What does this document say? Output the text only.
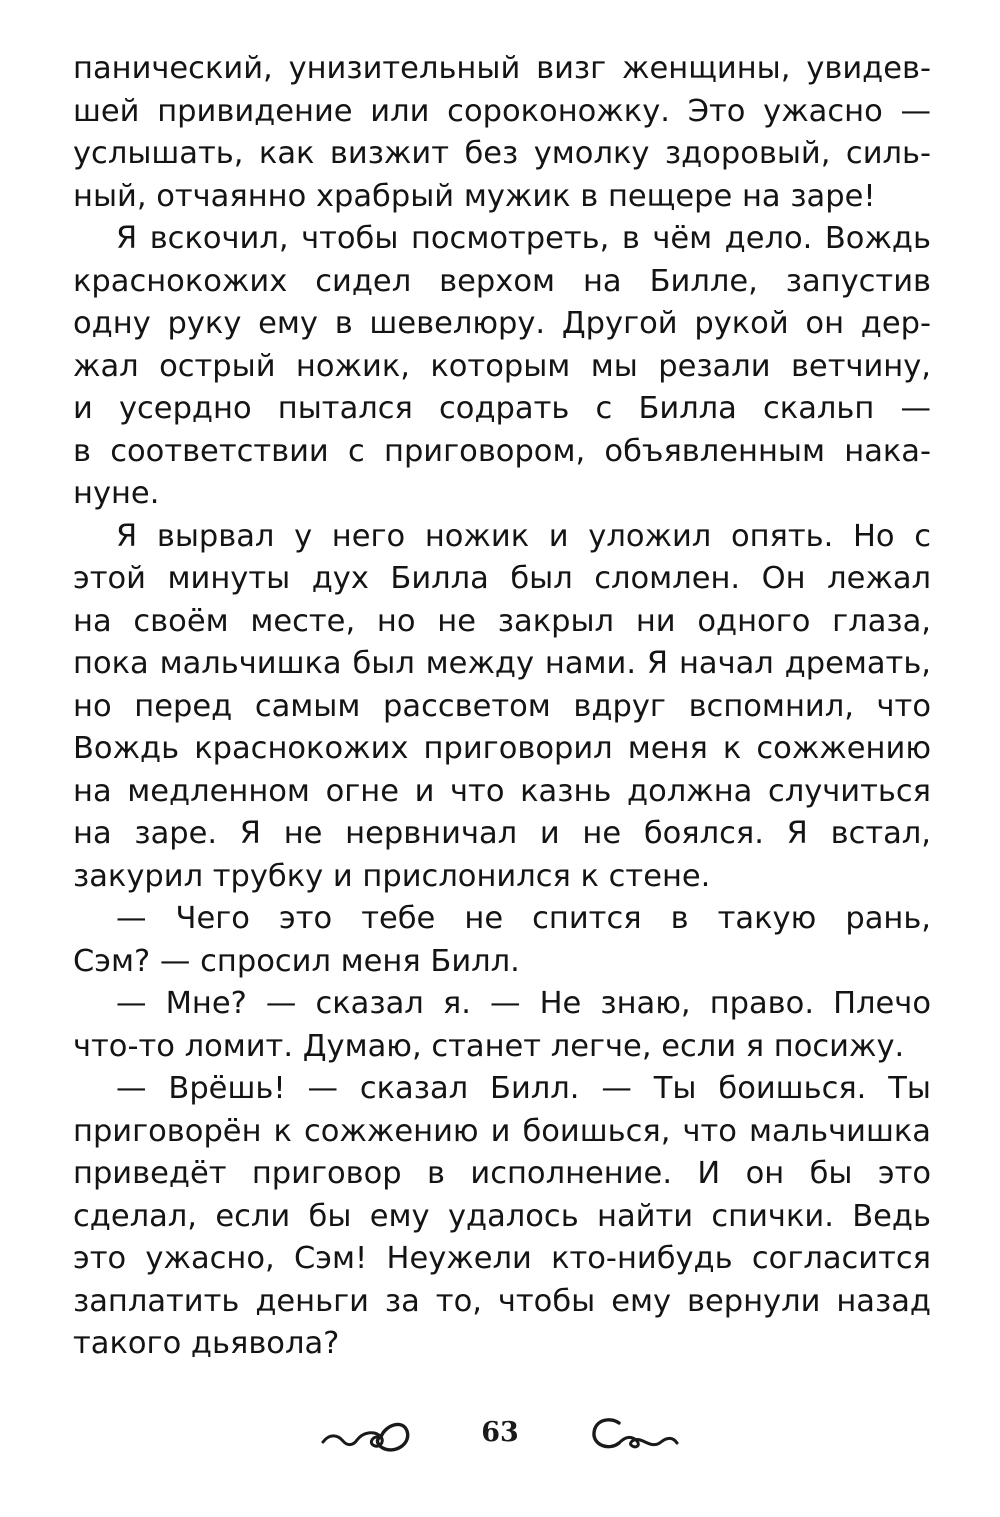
панический, унизительный визг женщины, увидев-
шей привидение или сороконожку. Это ужасно —
услышать, как визжит без умолку здоровый, силь-
ный, отчаянно храбрый мужик в пещере на заре!
Я вскочил, чтобы посмотреть, в чём дело. Вождь
краснокожих сидел верхом на Билле, запустив
одну руку ему в шевелюру. Другой рукой он дер-
жал острый ножик, которым мы резали ветчину,
и усердно пытался содрать с Билла скальп —
в соответствии с приговором, объявленным нака-
нуне.
Я вырвал у него ножик и уложил опять. Но с
этой минуты дух Билла был сломлен. Он лежал
на своём месте, но не закрыл ни одного глаза,
пока мальчишка был между нами. Я начал дремать,
но перед самым рассветом вдруг вспомнил, что
Вождь краснокожих приговорил меня к сожжению
на медленном огне и что казнь должна случиться
на заре. Я не нервничал и не боялся. Я встал,
закурил трубку и прислонился к стене.
— Чего это тебе не спится в такую рань,
Сэм? — спросил меня Билл.
— Мне? — сказал я. — Не знаю, право. Плечо
что-то ломит. Думаю, станет легче, если я посижу.
— Врёшь! — сказал Билл. — Ты боишься. Ты
приговорён к сожжению и боишься, что мальчишка
приведёт приговор в исполнение. И он бы это
сделал, если бы ему удалось найти спички. Ведь
это ужасно, Сэм! Неужели кто-нибудь согласится
заплатить деньги за то, чтобы ему вернули назад
такого дьявола?
63
